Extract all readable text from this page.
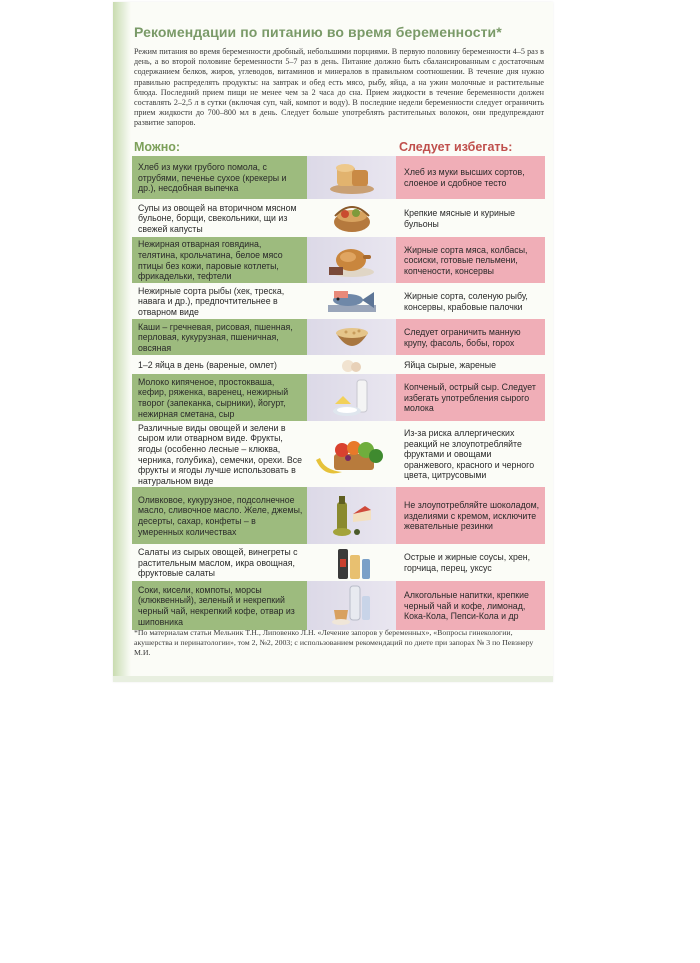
Рекомендации по питанию во время беременности*

Режим питания во время беременности дробный, небольшими порциями. В первую половину беременности 4–5 раз в день, а во второй половине беременности 5–7 раз в день. Питание должно быть сбалансированным с достаточным содержанием белков, жиров, углеводов, витаминов и минералов в правильном соотношении. В течение дня нужно правильно распределять продукты: на завтрак и обед есть мясо, рыбу, яйца, а на ужин молочные и растительные блюда. Последний прием пищи не менее чем за 2 часа до сна. Прием жидкости в течение беременности должен составлять 2–2,5 л в сутки (включая суп, чай, компот и воду). В последние недели беременности следует ограничить прием жидкости до 700–800 мл в день. Следует больше употреблять растительных волокон, они предупреждают развитие запоров.

Можно:	Следует избегать:
Хлеб из муки грубого помола, с отрубями, печенье сухое (крекеры и др.), несдобная выпечка
Хлеб из муки высших сортов, слоеное и сдобное тесто
Супы из овощей на вторичном мясном бульоне, борщи, свекольники, щи из свежей капусты
Крепкие мясные и куриные бульоны
Нежирная отварная говядина, телятина, крольчатина, белое мясо птицы без кожи, паровые котлеты, фрикадельки, тефтели
Жирные сорта мяса, колбасы, сосиски, готовые пельмени, копчености, консервы
Нежирные сорта рыбы (хек, треска, навага и др.), предпочтительнее в отварном виде
Жирные сорта, соленую рыбу, консервы, крабовые палочки
Каши – гречневая, рисовая, пшенная, перловая, кукурузная, пшеничная, овсяная
Следует ограничить манную крупу, фасоль, бобы, горох
1–2 яйца в день (вареные, омлет)	Яйца сырые, жареные
Молоко кипяченое, простокваша, кефир, ряженка, варенец, нежирный творог (запеканка, сырники), йогурт, нежирная сметана, сыр
Копченый, острый сыр. Следует избегать употребления сырого молока
Различные виды овощей и зелени в сыром или отварном виде. Фрукты, ягоды (особенно лесные – клюква, черника, голубика), семечки, орехи. Все фрукты и ягоды лучше использовать в натуральном виде
Из-за риска аллергических реакций не злоупотребляйте фруктами и овощами оранжевого, красного и черного цвета, цитрусовыми
Оливковое, кукурузное, подсолнечное масло, сливочное масло. Желе, джемы, десерты, сахар, конфеты – в умеренных количествах
Не злоупотребляйте шоколадом, изделиями с кремом, исключите жевательные резинки
Салаты из сырых овощей, винегреты с растительным маслом, икра овощная, фруктовые салаты
Острые и жирные соусы, хрен, горчица, перец, уксус
Соки, кисели, компоты, морсы (клюквенный), зеленый и некрепкий черный чай, некрепкий кофе, отвар из шиповника
Алкогольные напитки, крепкие черный чай и кофе, лимонад, Кока-Кола, Пепси-Кола и др
*По материалам статьи Мельник Т.Н., Липовенко Л.Н. «Лечение запоров у беременных», «Вопросы гинекологии, акушерства и перинатологии», том 2, №2, 2003; с использованием рекомендаций по диете при запорах № 3 по Певзнеру М.И.
